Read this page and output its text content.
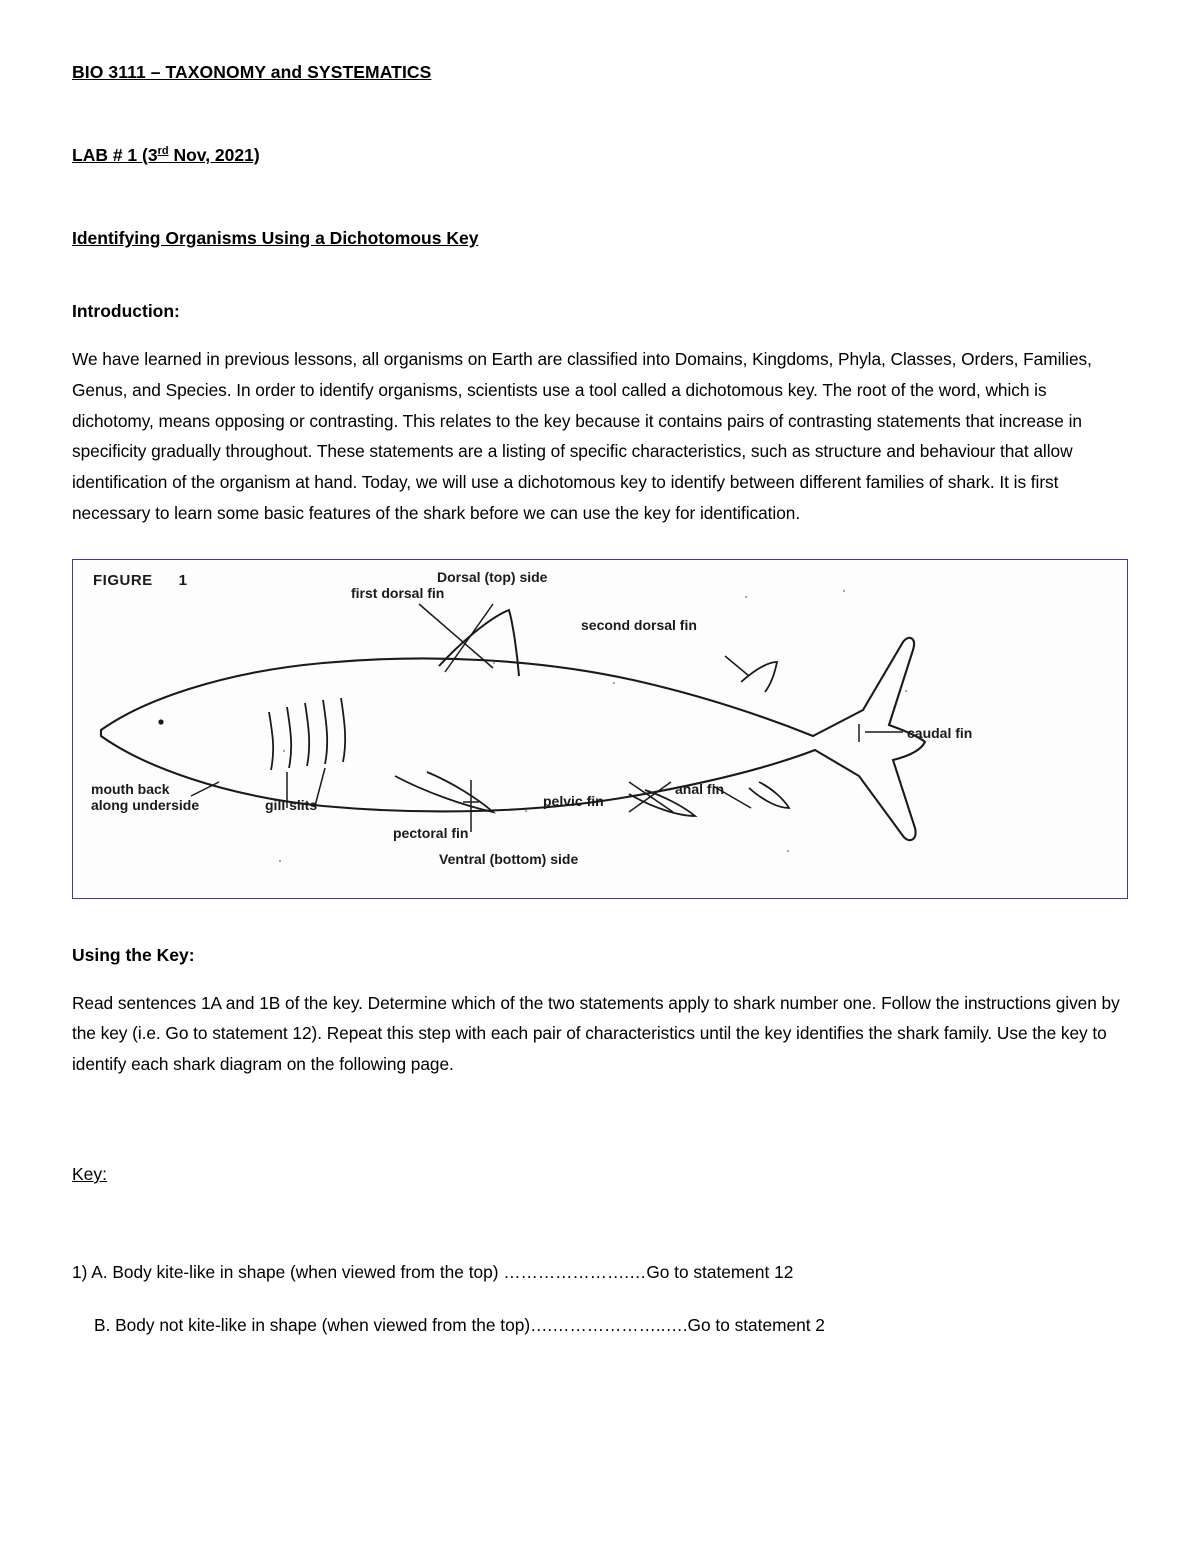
BIO 3111 – TAXONOMY and SYSTEMATICS

LAB # 1 (3rd Nov, 2021)

Identifying Organisms Using a Dichotomous Key

Introduction:

We have learned in previous lessons, all organisms on Earth are classified into Domains, Kingdoms, Phyla, Classes, Orders, Families, Genus, and Species. In order to identify organisms, scientists use a tool called a dichotomous key. The root of the word, which is dichotomy, means opposing or contrasting. This relates to the key because it contains pairs of contrasting statements that increase in specificity gradually throughout. These statements are a listing of specific characteristics, such as structure and behaviour that allow identification of the organism at hand. Today, we will use a dichotomous key to identify between different families of shark. It is first necessary to learn some basic features of the shark before we can use the key for identification.

FIGURE 1
first dorsal fin
Dorsal (top) side
second dorsal fin
caudal fin
anal fin
pelvic fin
pectoral fin
Ventral (bottom) side
gill slits
mouth back
along underside

Using the Key:

Read sentences 1A and 1B of the key. Determine which of the two statements apply to shark number one. Follow the instructions given by the key (i.e. Go to statement 12). Repeat this step with each pair of characteristics until the key identifies the shark family. Use the key to identify each shark diagram on the following page.

Key:

1) A. Body kite-like in shape (when viewed from the top) ………………….…Go to statement 12

B. Body not kite-like in shape (when viewed from the top)….………………..….Go to statement 2
